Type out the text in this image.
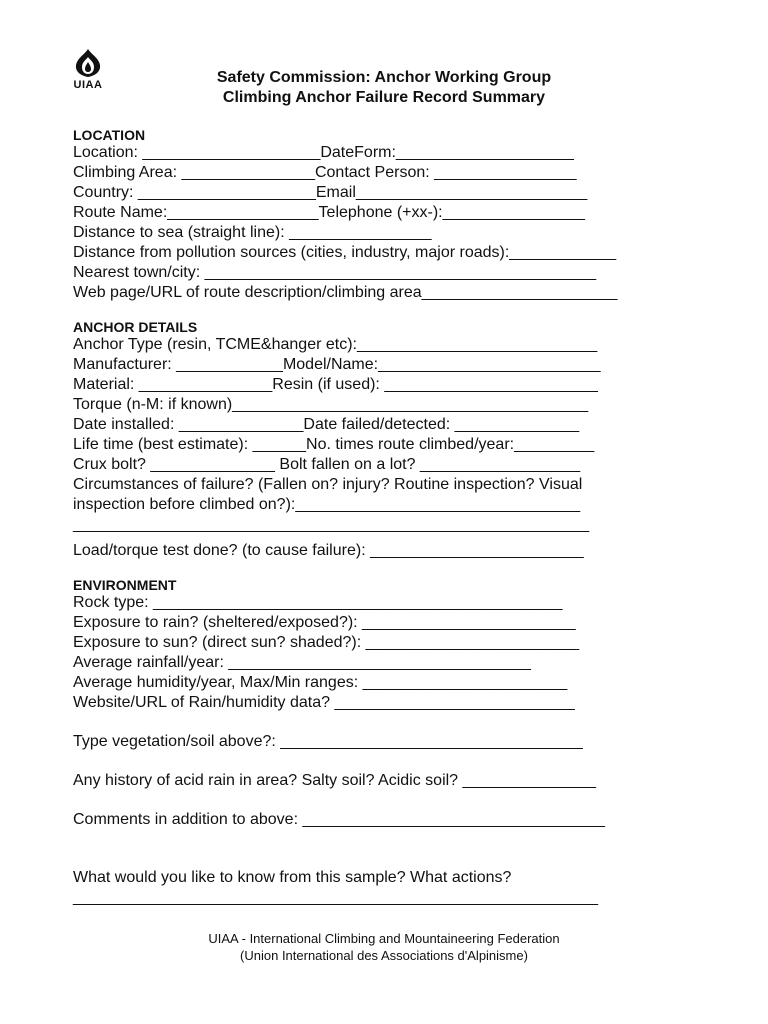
UIAA	Safety Commission: Anchor Working Group
Climbing Anchor Failure Record Summary
LOCATION
Location: ____________________DateForm:____________________
Climbing Area: _______________Contact Person: ________________
Country: ____________________Email__________________________
Route Name:_________________Telephone (+xx-):________________
Distance to sea (straight line): ________________
Distance from pollution sources (cities, industry, major roads):____________
Nearest town/city: ____________________________________________
Web page/URL of route description/climbing area______________________
ANCHOR DETAILS
Anchor Type (resin, TCME&hanger etc):___________________________
Manufacturer: ____________Model/Name:_________________________
Material: _______________Resin (if used): ________________________
Torque (n-M: if known)________________________________________
Date installed: ______________Date failed/detected: ______________
Life time (best estimate): ______No. times route climbed/year:_________
Crux bolt? ______________ Bolt fallen on a lot? __________________
Circumstances of failure? (Fallen on? injury? Routine inspection? Visual
inspection before climbed on?):________________________________
__________________________________________________________
Load/torque test done? (to cause failure): ________________________
ENVIRONMENT
Rock type: ______________________________________________
Exposure to rain? (sheltered/exposed?): ________________________
Exposure to sun? (direct sun? shaded?): ________________________
Average rainfall/year: __________________________________
Average humidity/year, Max/Min ranges: _______________________
Website/URL of Rain/humidity data? ___________________________
Type vegetation/soil above?: __________________________________
Any history of acid rain in area? Salty soil? Acidic soil? _______________
Comments in addition to above: __________________________________
What would you like to know from this sample? What actions?
___________________________________________________________
UIAA - International Climbing and Mountaineering Federation
(Union International des Associations d'Alpinisme)
